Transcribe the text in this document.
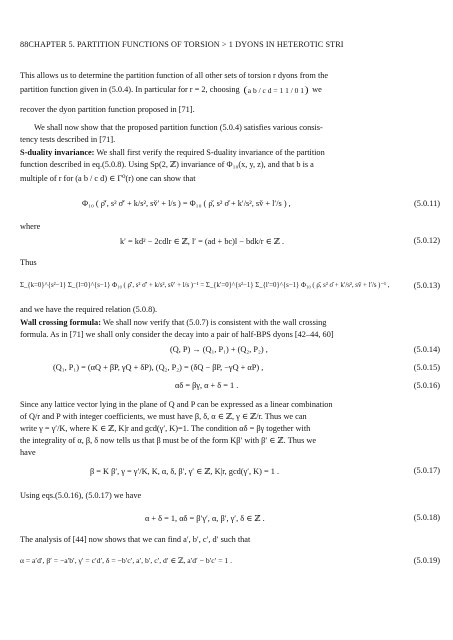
88CHAPTER 5. PARTITION FUNCTIONS OF TORSION > 1 DYONS IN HETEROTIC STRI
This allows us to determine the partition function of all other sets of torsion r dyons from the
partition function given in (5.0.4). In particular for r = 2, choosing a b / c d = 1 1 / 0 1 we
recover the dyon partition function proposed in [71].
We shall now show that the proposed partition function (5.0.4) satisfies various consis-
tency tests described in [71].
S-duality invariance: We shall first verify the required S-duality invariance of the partition
function described in eq.(5.0.8). Using Sp(2, ℤ) invariance of Φ₁₀(x, y, z), and that b is a
multiple of r for (a b / c d) ∈ Γ⁰(r) one can show that
Φ₁₀ ( ρ̌′, s² σ̌′ + k/s², sv̌′ + l/s ) = Φ₁₀ ( ρ̌, s² σ̌ + k′/s², sv̌ + l′/s ) ,	(5.0.11)
where
k′ = kd² − 2cdlr ∈ ℤ, l′ = (ad + bc)l − bdk/r ∈ ℤ .	(5.0.12)
Thus
Σ_{k=0}^{s²−1} Σ_{l=0}^{s−1} Φ₁₀ ( ρ̌′, s² σ̌′ + k/s², sv̌′ + l/s )⁻¹ = Σ_{k′=0}^{s²−1} Σ_{l′=0}^{s−1} Φ₁₀ ( ρ̌, s² σ̌ + k′/s², sv̌ + l′/s )⁻¹ ,	(5.0.13)
and we have the required relation (5.0.8).
Wall crossing formula: We shall now verify that (5.0.7) is consistent with the wall crossing
formula. As in [71] we shall only consider the decay into a pair of half-BPS dyons [42–44, 60]
(Q, P) → (Q₁, P₁) + (Q₂, P₂) ,	(5.0.14)
(Q₁, P₁) = (αQ + βP, γQ + δP), (Q₂, P₂) = (δQ − βP, −γQ + αP) ,	(5.0.15)
αδ = βγ, α + δ = 1 .	(5.0.16)
Since any lattice vector lying in the plane of Q and P can be expressed as a linear combination
of Q/r and P with integer coefficients, we must have β, δ, α ∈ ℤ, γ ∈ ℤ/r. Thus we can
write γ = γ′/K, where K ∈ ℤ, K|r and gcd(γ′, K)=1. The condition αδ = βγ together with
the integrality of α, β, δ now tells us that β must be of the form Kβ′ with β′ ∈ ℤ. Thus we
have
β = K β′, γ = γ′/K, K, α, δ, β′, γ′ ∈ ℤ, K|r, gcd(γ′, K) = 1 .	(5.0.17)
Using eqs.(5.0.16), (5.0.17) we have
α + δ = 1, αδ = β′γ′, α, β′, γ′, δ ∈ ℤ .	(5.0.18)
The analysis of [44] now shows that we can find a′, b′, c′, d′ such that
α = a′d′, β′ = −a′b′, γ′ = c′d′, δ = −b′c′, a′, b′, c′, d′ ∈ ℤ, a′d′ − b′c′ = 1 .	(5.0.19)
